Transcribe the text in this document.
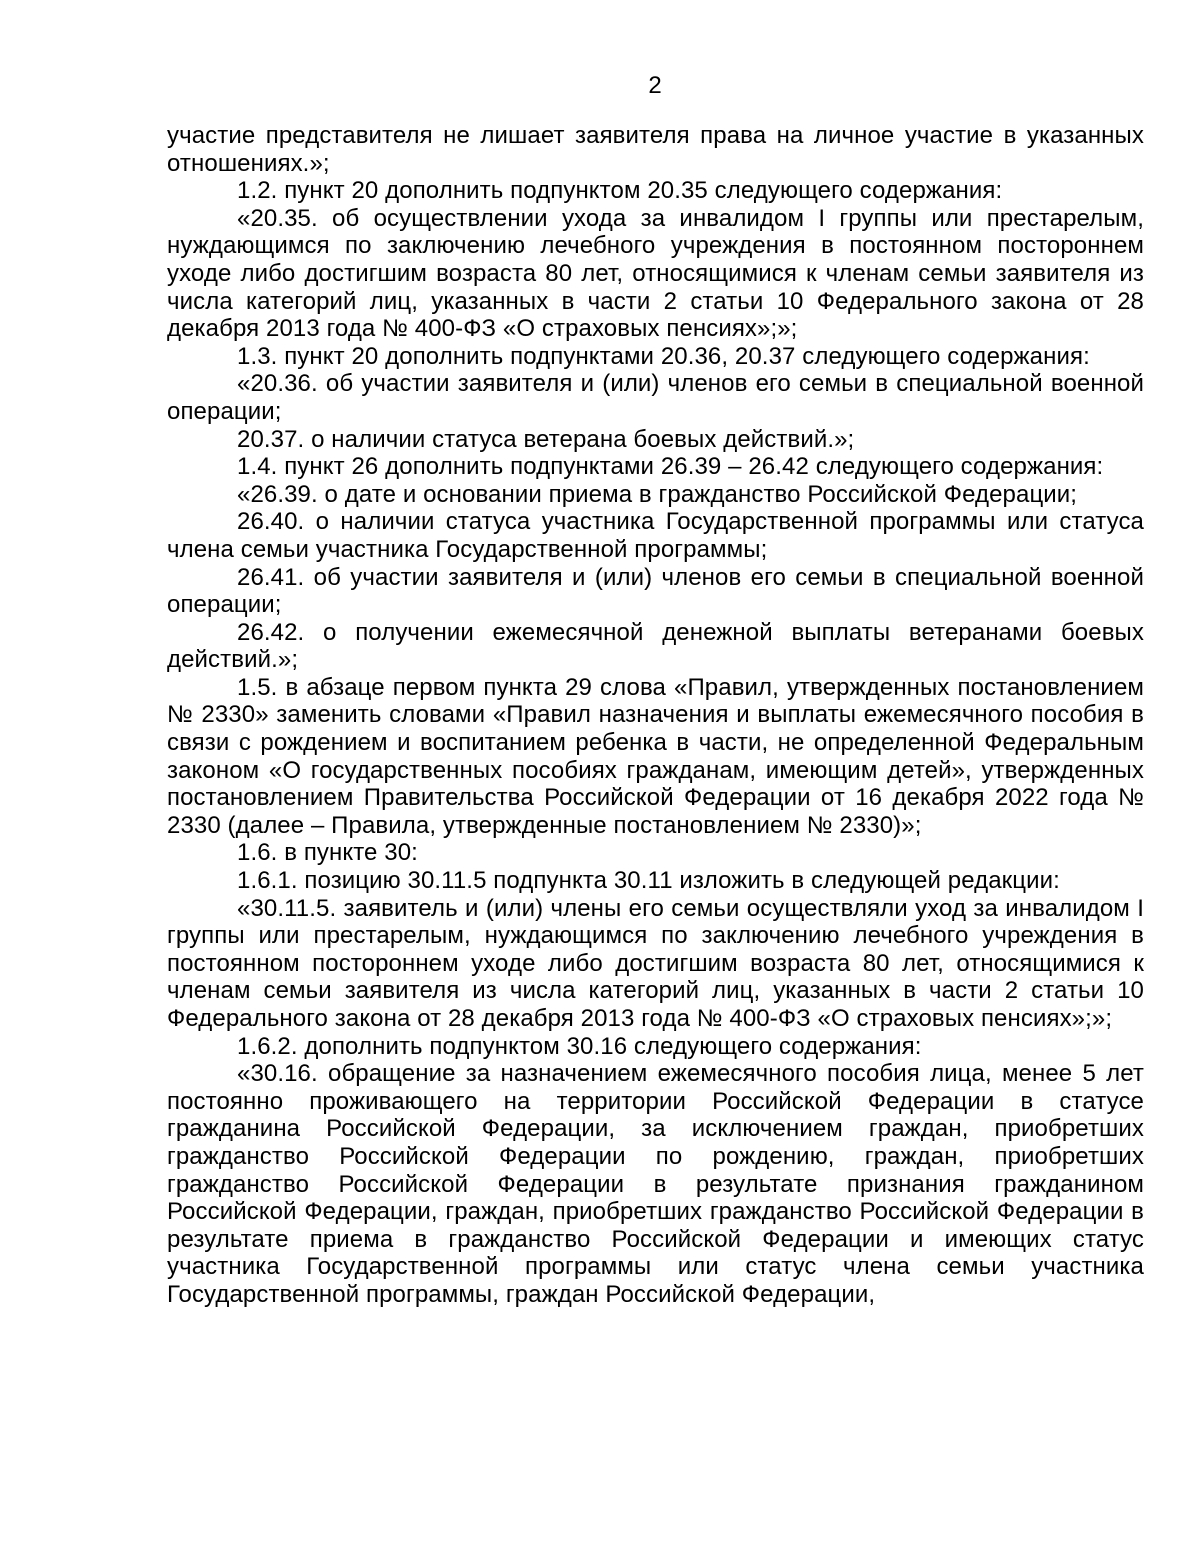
2

участие представителя не лишает заявителя права на личное участие в указанных отношениях.»;

1.2. пункт 20 дополнить подпунктом 20.35 следующего содержания:

«20.35. об осуществлении ухода за инвалидом I группы или престарелым, нуждающимся по заключению лечебного учреждения в постоянном постороннем уходе либо достигшим возраста 80 лет, относящимися к членам семьи заявителя из числа категорий лиц, указанных в части 2 статьи 10 Федерального закона от 28 декабря 2013 года № 400-ФЗ «О страховых пенсиях»;»;

1.3. пункт 20 дополнить подпунктами 20.36, 20.37 следующего содержания:

«20.36. об участии заявителя и (или) членов его семьи в специальной военной операции;

20.37. о наличии статуса ветерана боевых действий.»;

1.4. пункт 26 дополнить подпунктами 26.39 – 26.42 следующего содержания:

«26.39. о дате и основании приема в гражданство Российской Федерации;

26.40. о наличии статуса участника Государственной программы или статуса члена семьи участника Государственной программы;

26.41. об участии заявителя и (или) членов его семьи в специальной военной операции;

26.42. о получении ежемесячной денежной выплаты ветеранами боевых действий.»;

1.5. в абзаце первом пункта 29 слова «Правил, утвержденных постановлением № 2330» заменить словами «Правил назначения и выплаты ежемесячного пособия в связи с рождением и воспитанием ребенка в части, не определенной Федеральным законом «О государственных пособиях гражданам, имеющим детей», утвержденных постановлением Правительства Российской Федерации от 16 декабря 2022 года № 2330 (далее – Правила, утвержденные постановлением № 2330)»;

1.6. в пункте 30:

1.6.1. позицию 30.11.5 подпункта 30.11 изложить в следующей редакции:

«30.11.5. заявитель и (или) члены его семьи осуществляли уход за инвалидом I группы или престарелым, нуждающимся по заключению лечебного учреждения в постоянном постороннем уходе либо достигшим возраста 80 лет, относящимися к членам семьи заявителя из числа категорий лиц, указанных в части 2 статьи 10 Федерального закона от 28 декабря 2013 года № 400-ФЗ «О страховых пенсиях»;»;

1.6.2. дополнить подпунктом 30.16 следующего содержания:

«30.16. обращение за назначением ежемесячного пособия лица, менее 5 лет постоянно проживающего на территории Российской Федерации в статусе гражданина Российской Федерации, за исключением граждан, приобретших гражданство Российской Федерации по рождению, граждан, приобретших гражданство Российской Федерации в результате признания гражданином Российской Федерации, граждан, приобретших гражданство Российской Федерации в результате приема в гражданство Российской Федерации и имеющих статус участника Государственной программы или статус члена семьи участника Государственной программы, граждан Российской Федерации,
